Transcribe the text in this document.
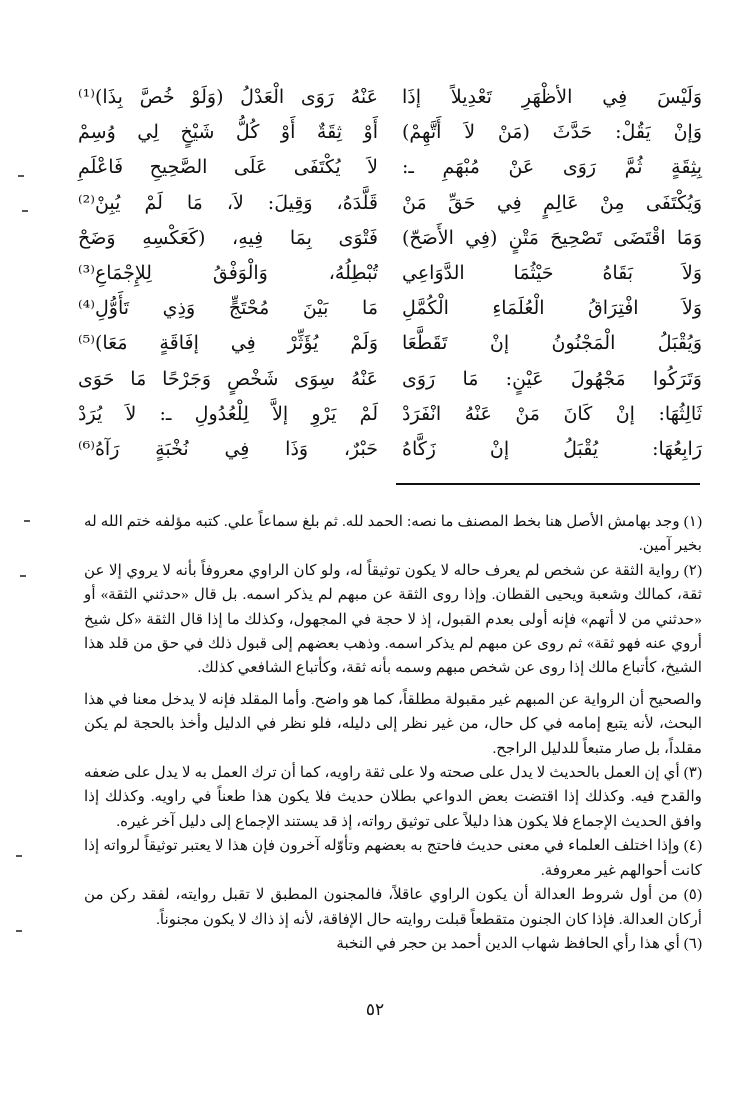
وَلَيْسَ فِي الأظْهَرِ تَعْدِيلاً إذَا
عَنْهُ رَوَى الْعَدْلُ (وَلَوْ خُصَّ بِذَا)⁽¹⁾
وَإنْ يَقُلْ: حَدَّثَ (مَنْ لاَ أَتَّهِمْ)
أَوْ ثِقَةٌ أَوْ كُلُّ شَيْخٍ لِي وُسِمْ
بِثِقَةٍ ثُمَّ رَوَى عَنْ مُبْهَمِ ـ:
لاَ يُكْتَفَى عَلَى الصَّحِيحِ فَاعْلَمِ
وَيُكْتَفَى مِنْ عَالِمٍ فِي حَقِّ مَنْ
قَلَّدَهُ، وَقِيلَ: لاَ، مَا لَمْ يُبِنْ⁽²⁾
وَمَا اقْتَضَى تَصْحِيحَ مَتْنٍ (فِي الأَصَحّ)
فَتْوَى بِمَا فِيهِ، (كَعَكْسِهِ وَضَحْ
وَلاَ بَقَاهُ حَيْثُمَا الدَّوَاعِي
تُبْطِلُهُ، وَالْوَفْقُ لِلإِجْمَاعِ⁽³⁾
وَلاَ افْتِرَاقُ الْعُلَمَاءِ الْكُمَّلِ
مَا بَيْنَ مُحْتَجٍّ وَذِي تَأَوُّلِ⁽⁴⁾
وَيُقْبَلُ الْمَجْنُونُ إنْ تَقَطَّعَا
وَلَمْ يُؤَثِّرْ فِي إفَاقَةٍ مَعَا)⁽⁵⁾
وَتَرَكُوا مَجْهُولَ عَيْنٍ: مَا رَوَى
عَنْهُ سِوَى شَخْصٍ وَجَرْحًا مَا حَوَى
ثَالِثُهَا: إنْ كَانَ مَنْ عَنْهُ انْفَرَدْ
لَمْ يَرْوِ إلاَّ لِلْعُدُولِ ـ: لاَ يُرَدْ
رَابِعُهَا: يُقْبَلُ إنْ زَكَّاهُ
حَبْرٌ، وَذَا فِي نُخْبَةٍ رَآهُ⁽⁶⁾

(١) وجد بهامش الأصل هنا بخط المصنف ما نصه: الحمد لله. ثم بلغ سماعاً علي. كتبه مؤلفه ختم الله له بخير آمين.

(٢) رواية الثقة عن شخص لم يعرف حاله لا يكون توثيقاً له، ولو كان الراوي معروفاً بأنه لا يروي إلا عن ثقة، كمالك وشعبة ويحيى القطان. وإذا روى الثقة عن مبهم لم يذكر اسمه. بل قال «حدثني الثقة» أو «حدثني من لا أتهم» فإنه أولى بعدم القبول، إذ لا حجة في المجهول، وكذلك ما إذا قال الثقة «كل شيخ أروي عنه فهو ثقة» ثم روى عن مبهم لم يذكر اسمه. وذهب بعضهم إلى قبول ذلك في حق من قلد هذا الشيخ، كأتباع مالك إذا روى عن شخص مبهم وسمه بأنه ثقة، وكأتباع الشافعي كذلك.

والصحيح أن الرواية عن المبهم غير مقبولة مطلقاً، كما هو واضح. وأما المقلد فإنه لا يدخل معنا في هذا البحث، لأنه يتبع إمامه في كل حال، من غير نظر إلى دليله، فلو نظر في الدليل وأخذ بالحجة لم يكن مقلداً، بل صار متبعاً للدليل الراجح.

(٣) أي إن العمل بالحديث لا يدل على صحته ولا على ثقة راويه، كما أن ترك العمل به لا يدل على ضعفه والقدح فيه. وكذلك إذا اقتضت بعض الدواعي بطلان حديث فلا يكون هذا طعناً في راويه. وكذلك إذا وافق الحديث الإجماع فلا يكون هذا دليلاً على توثيق رواته، إذ قد يستند الإجماع إلى دليل آخر غيره.

(٤) وإذا اختلف العلماء في معنى حديث فاحتج به بعضهم وتأوّله آخرون فإن هذا لا يعتبر توثيقاً لرواته إذا كانت أحوالهم غير معروفة.

(٥) من أول شروط العدالة أن يكون الراوي عاقلاً، فالمجنون المطبق لا تقبل روايته، لفقد ركن من أركان العدالة. فإذا كان الجنون متقطعاً قبلت روايته حال الإفاقة، لأنه إذ ذاك لا يكون مجنوناً.

(٦) أي هذا رأي الحافظ شهاب الدين أحمد بن حجر في النخبة

٥٢
